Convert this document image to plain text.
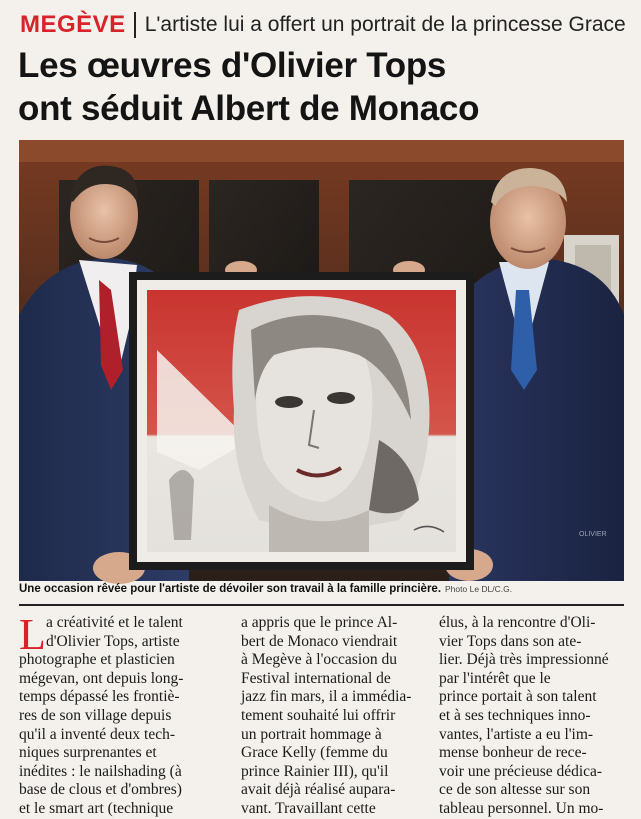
MEGÈVE L'artiste lui a offert un portrait de la princesse Grace
Les œuvres d'Olivier Tops
ont séduit Albert de Monaco
OLIVIER
Une occasion rêvée pour l'artiste de dévoiler son travail à la famille princière. Photo Le DL/C.G.
L a créativité et le talent
d'Olivier Tops, artiste
photographe et plasticien
mégevan, ont depuis long-
temps dépassé les frontiè-
res de son village depuis
qu'il a inventé deux tech-
niques surprenantes et
inédites : le nailshading (à
base de clous et d'ombres)
et le smart art (technique
a appris que le prince Al-
bert de Monaco viendrait
à Megève à l'occasion du
Festival international de
jazz fin mars, il a immédia-
tement souhaité lui offrir
un portrait hommage à
Grace Kelly (femme du
prince Rainier III), qu'il
avait déjà réalisé aupara-
vant. Travaillant cette
élus, à la rencontre d'Oli-
vier Tops dans son ate-
lier. Déjà très impressionné
par l'intérêt que le
prince portait à son talent
et à ses techniques inno-
vantes, l'artiste a eu l'im-
mense bonheur de rece-
voir une précieuse dédica-
ce de son altesse sur son
tableau personnel. Un mo-
